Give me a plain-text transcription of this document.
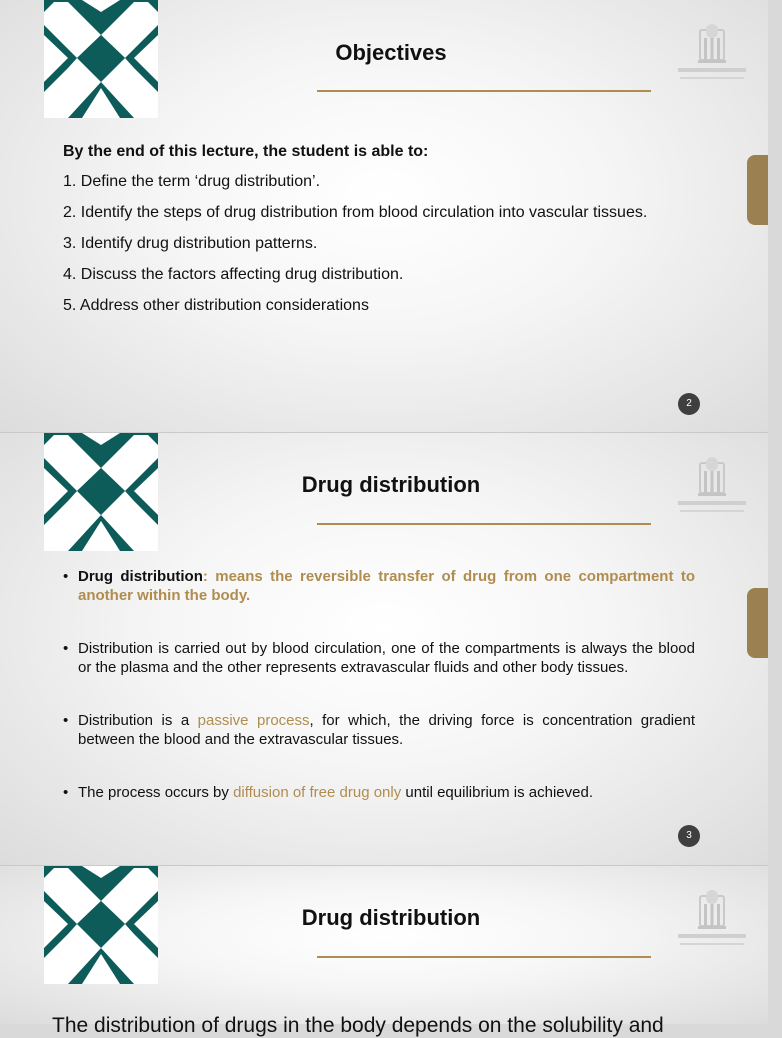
Objectives
By the end of this lecture, the student is able to:
1. Define the term ‘drug distribution’.
2. Identify the steps of drug distribution from blood circulation into vascular tissues.
3. Identify drug distribution patterns.
4. Discuss the factors affecting drug distribution.
5. Address other distribution considerations
2
Drug distribution
• Drug distribution: means the reversible transfer of drug from one compartment to another within the body.
• Distribution is carried out by blood circulation, one of the compartments is always the blood or the plasma and the other represents extravascular fluids and other body tissues.
• Distribution is a passive process, for which, the driving force is concentration gradient between the blood and the extravascular tissues.
• The process occurs by diffusion of free drug only until equilibrium is achieved.
3
Drug distribution
The distribution of drugs in the body depends on the solubility and
